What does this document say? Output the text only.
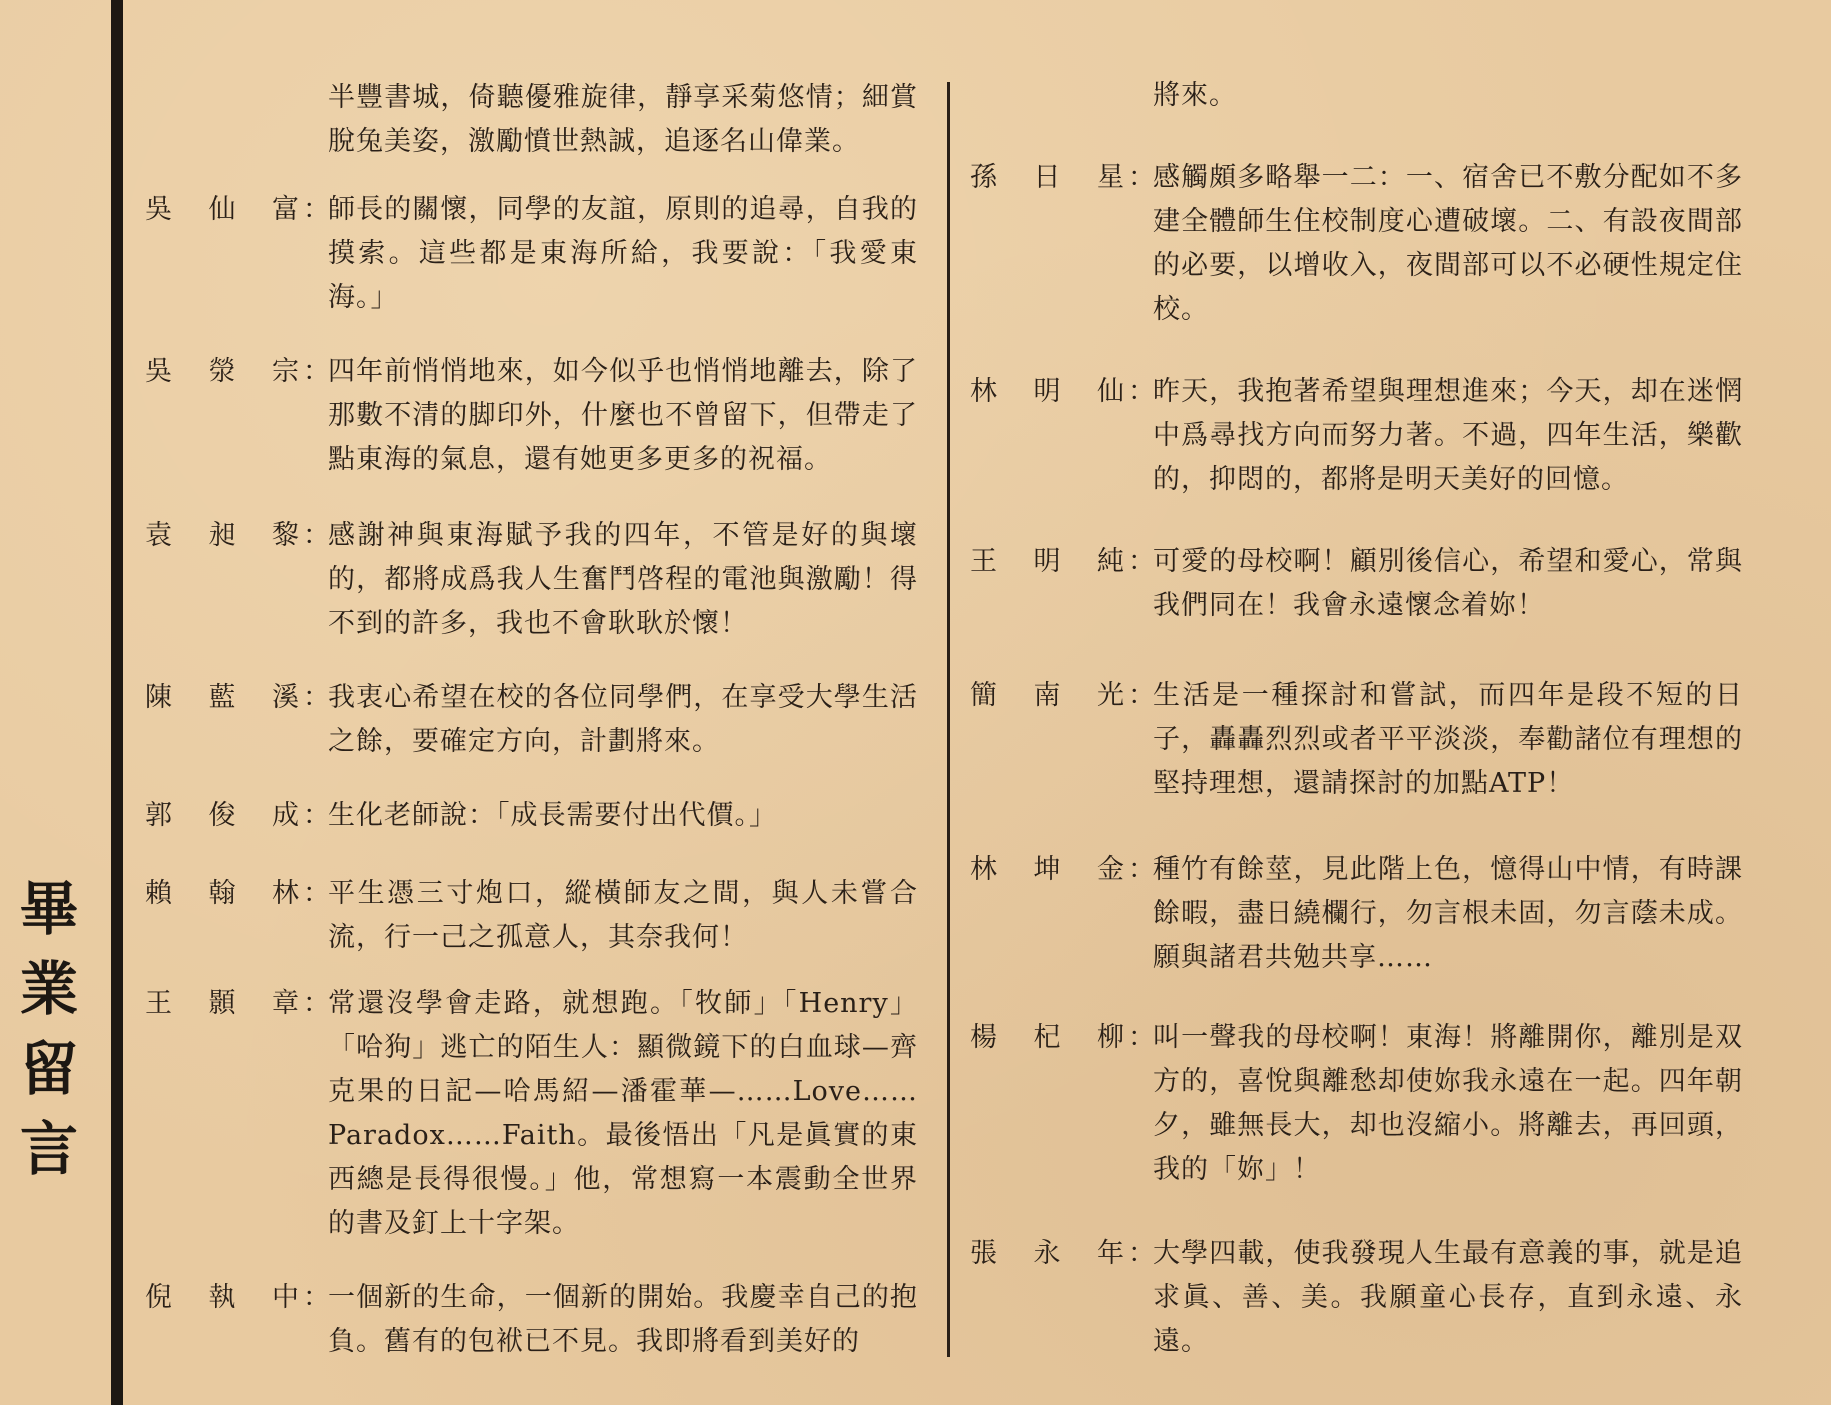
畢
業
留
言
半豐書城，倚聽優雅旋律，靜享采菊悠情；細賞脫兔美姿，激勵憤世熱誠，追逐名山偉業。
吳 仙 富 ：
師長的關懷，同學的友誼，原則的追尋，自我的摸索。這些都是東海所給，我要說：「我愛東海。」
吳 滎 宗 ：
四年前悄悄地來，如今似乎也悄悄地離去，除了那數不清的脚印外，什麼也不曾留下，但帶走了點東海的氣息，還有她更多更多的祝福。
袁 昶 黎 ：
感謝神與東海賦予我的四年，不管是好的與壞的，都將成爲我人生奮鬥啓程的電池與激勵！得不到的許多，我也不會耿耿於懷！
陳 藍 溪 ：
我衷心希望在校的各位同學們，在享受大學生活之餘，要確定方向，計劃將來。
郭 俊 成 ：
生化老師說：「成長需要付出代價。」
賴 翰 林 ：
平生憑三寸炮口，縱橫師友之間，與人未嘗合流，行一己之孤意人，其奈我何！
王 顥 章 ：
常還沒學會走路，就想跑。「牧師」「Henry」「哈狗」逃亡的陌生人：顯微鏡下的白血球—齊克果的日記—哈馬紹—潘霍華—……Love……Paradox……Faith。最後悟出「凡是眞實的東西總是長得很慢。」他，常想寫一本震動全世界的書及釘上十字架。
倪 執 中 ：
一個新的生命，一個新的開始。我慶幸自己的抱負。舊有的包袱已不見。我即將看到美好的
將來。
孫 日 星 ：
感觸頗多略舉一二：一、宿舍已不敷分配如不多建全體師生住校制度心遭破壞。二、有設夜間部的必要，以增收入，夜間部可以不必硬性規定住校。
林 明 仙 ：
昨天，我抱著希望與理想進來；今天，却在迷惘中爲尋找方向而努力著。不過，四年生活，樂歡的，抑悶的，都將是明天美好的回憶。
王 明 純 ：
可愛的母校啊！顧別後信心，希望和愛心，常與我們同在！我會永遠懷念着妳！
簡 南 光 ：
生活是一種探討和嘗試，而四年是段不短的日子，轟轟烈烈或者平平淡淡，奉勸諸位有理想的堅持理想，還請探討的加點ATP！
林 坤 金 ：
種竹有餘莖，見此階上色，憶得山中情，有時課餘暇，盡日繞欄行，勿言根未固，勿言蔭未成。願與諸君共勉共享……
楊 杞 柳 ：
叫一聲我的母校啊！東海！將離開你，離別是双方的，喜悅與離愁却使妳我永遠在一起。四年朝夕，雖無長大，却也沒縮小。將離去，再回頭，我的「妳」！
張 永 年 ：
大學四載，使我發現人生最有意義的事，就是追求眞、善、美。我願童心長存，直到永遠、永遠。
